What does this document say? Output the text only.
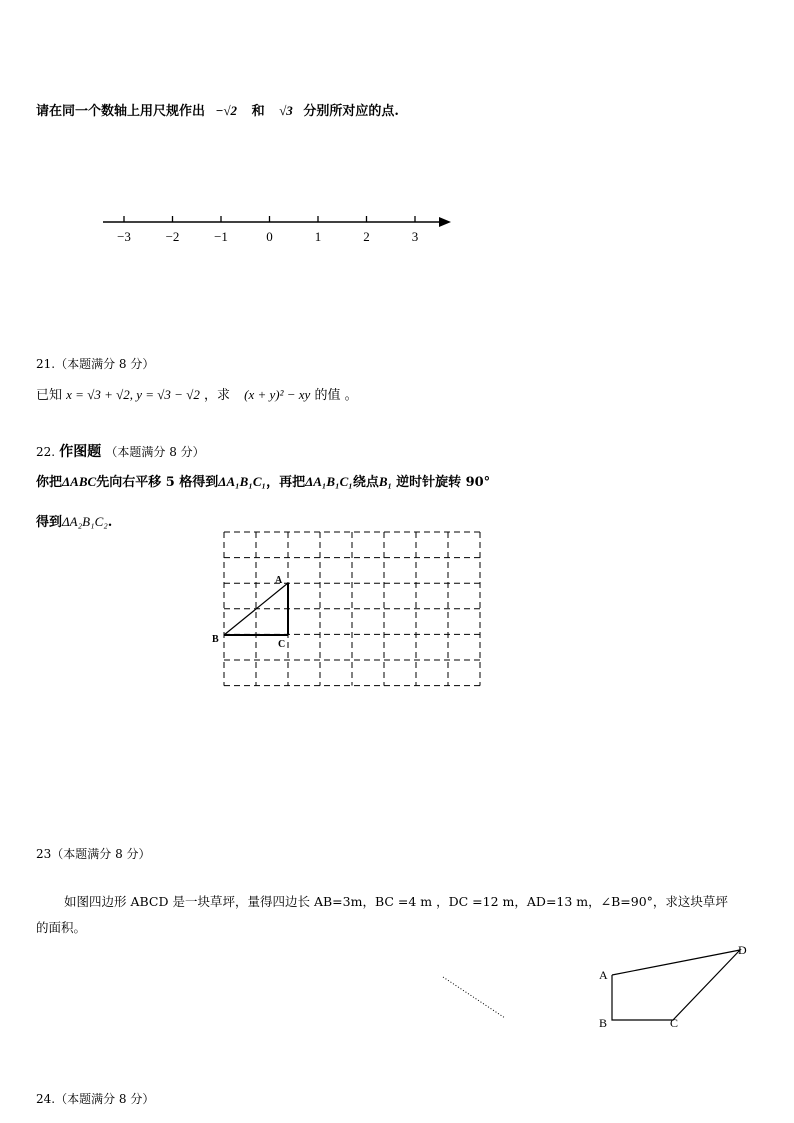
请在同一个数轴上用尺规作出 −√2 和 √3 分别所对应的点.
−3	−2	−1	0	1	2	3
21.（本题满分 8 分）
已知 x = √3 + √2, y = √3 − √2 ，求 (x + y)² − xy 的值 。
22. 作图题 （本题满分 8 分）
你把ΔABC先向右平移 5 格得到ΔA₁B₁C₁，再把ΔA₁B₁C₁绕点B₁ 逆时针旋转 90°
得到ΔA₂B₁C₂.
A
B	C
23（本题满分 8 分）
如图四边形 ABCD 是一块草坪，量得四边长 AB=3m，BC =4 m ，DC =12 m，AD=13 m，∠B=90°，求这块草坪
的面积。
A
B	C
D
24.（本题满分 8 分）
